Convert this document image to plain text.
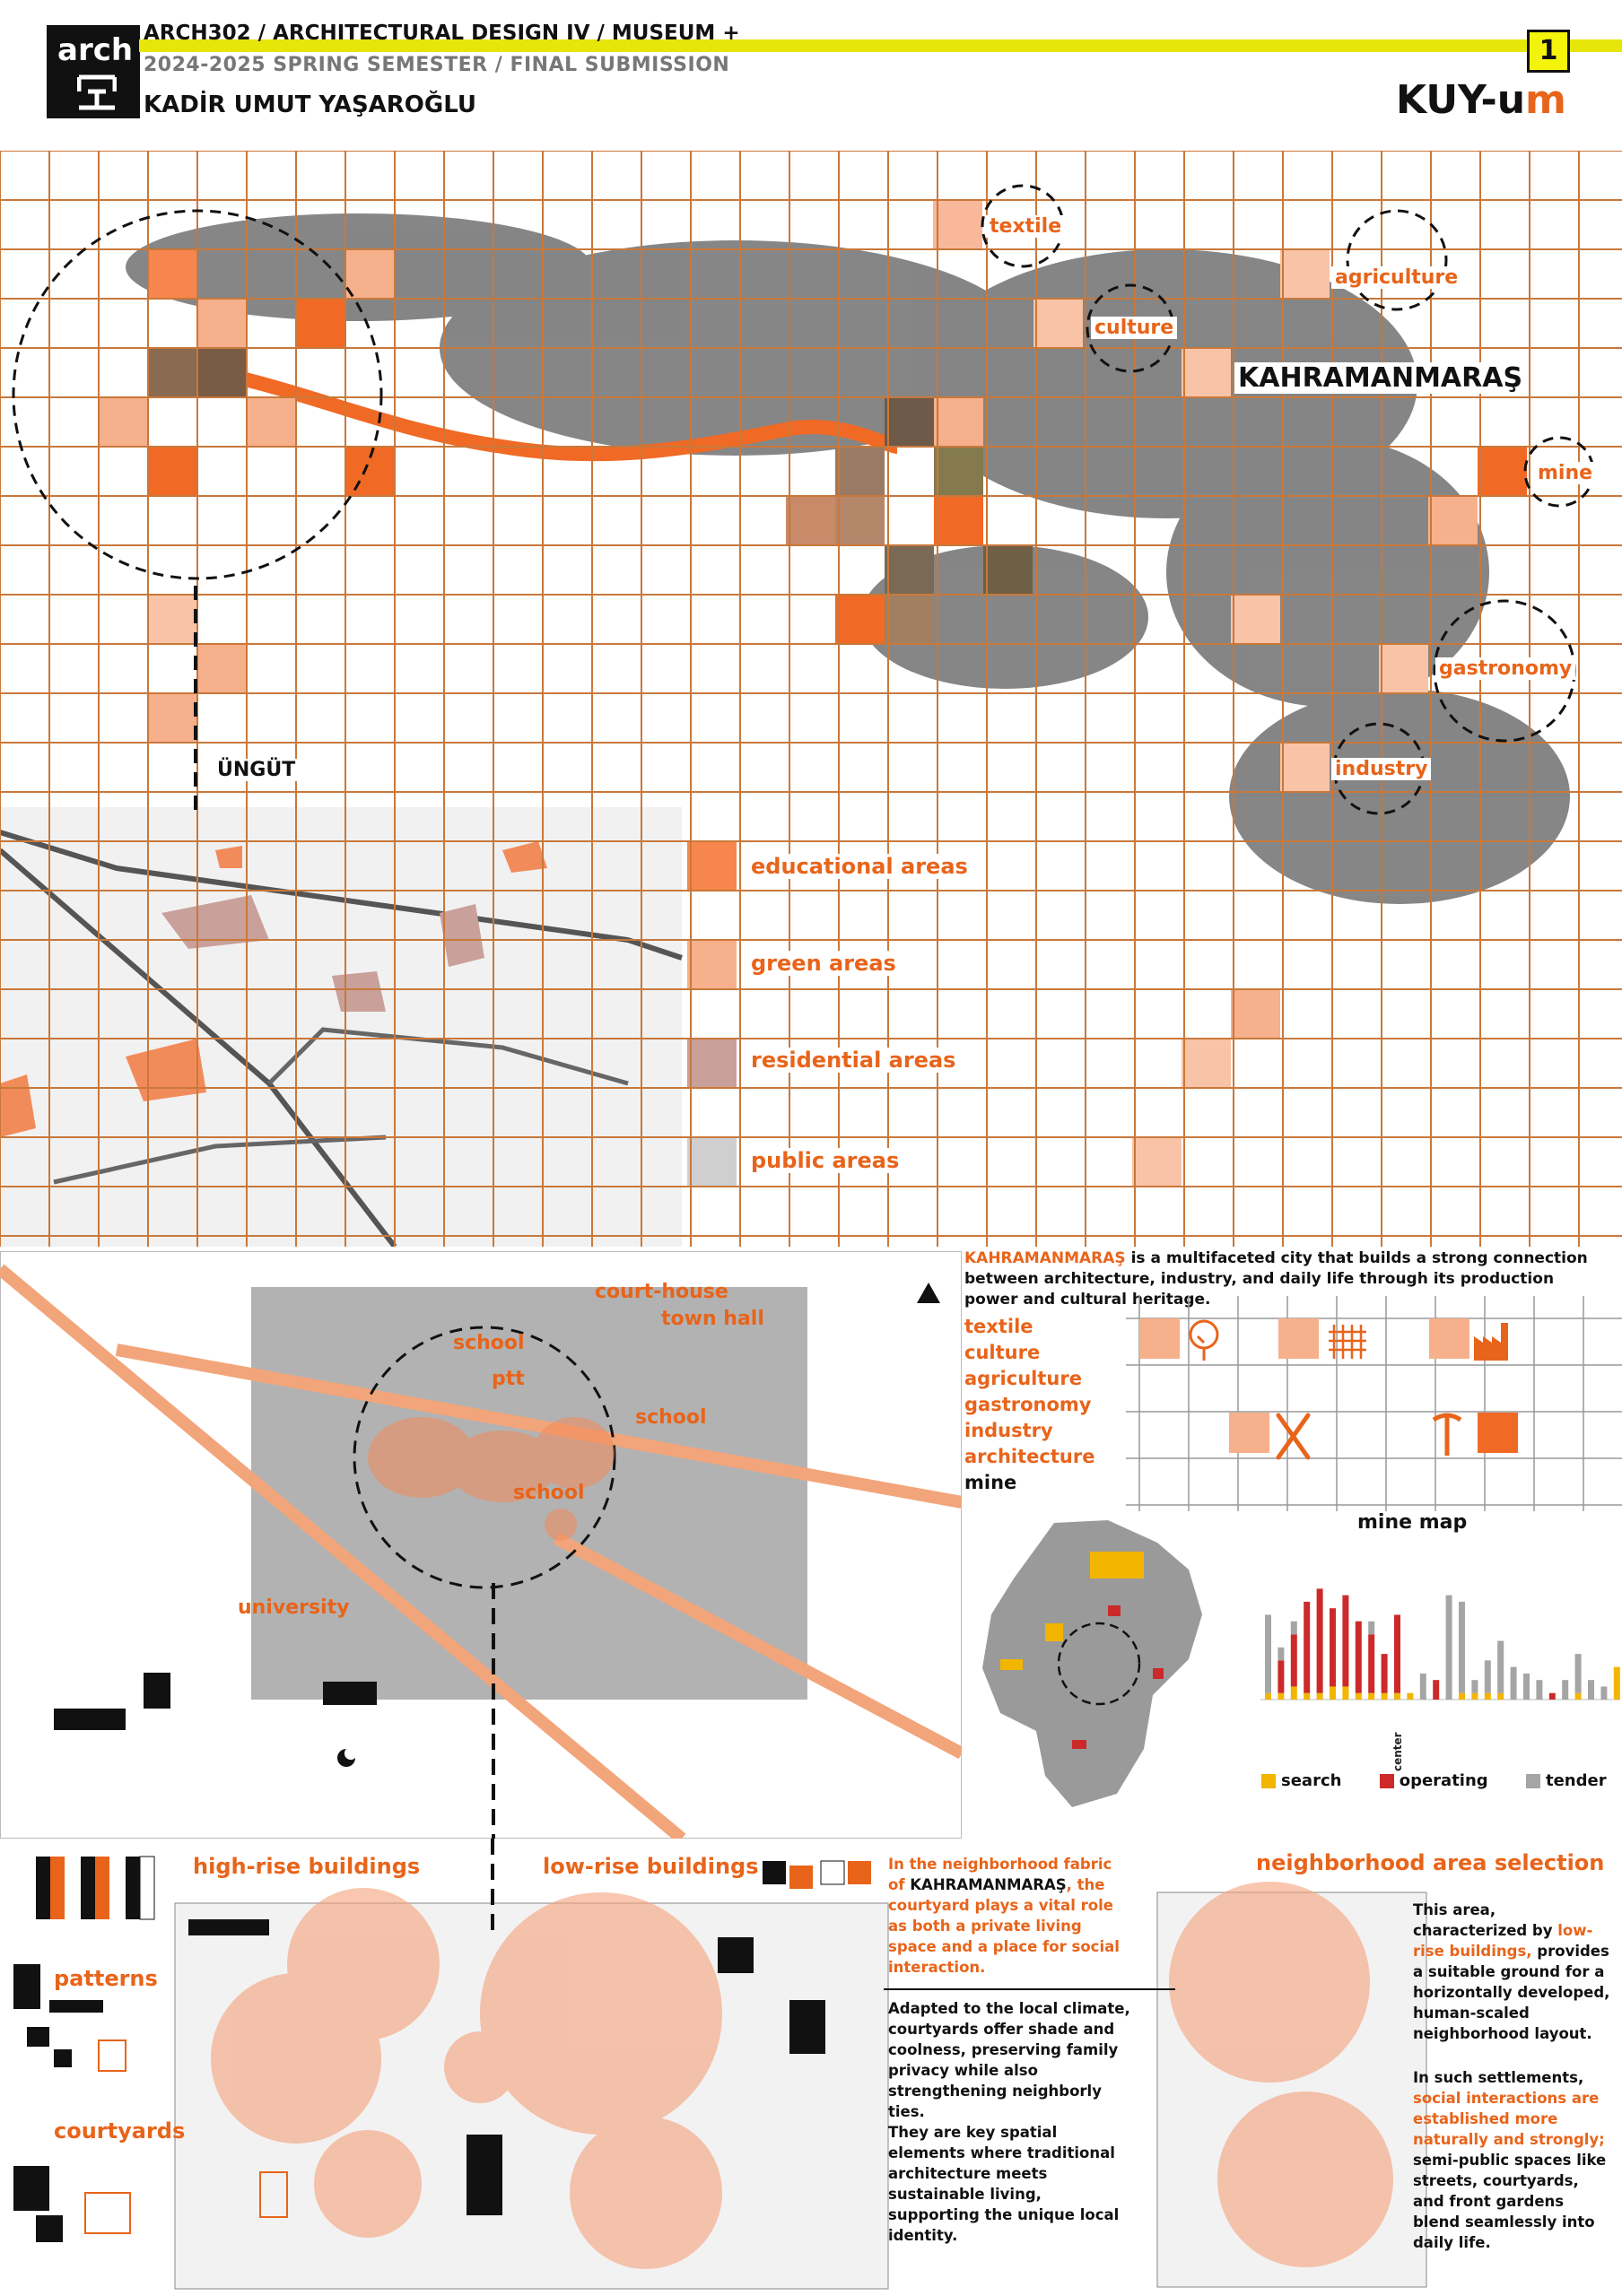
arch ARCH302 / ARCHITECTURAL DESIGN IV / MUSEUM +
2024-2025 SPRING SEMESTER / FINAL SUBMISSION
KADİR UMUT YAŞAROĞLU
1
KUY-um
textile
agriculture
culture
mine
gastronomy
industry
KAHRAMANMARAŞ
ÜNGÜT
educational areas
green areas
residential areas
public areas
court-house
town hall
school
ptt
school
school
university
KAHRAMANMARAŞ is a multifaceted city that builds a strong connection between architecture, industry, and daily life through its production power and cultural heritage.
textile
culture
agriculture
gastronomy
industry
architecture
mine
mine map
center
search	operating	tender
high-rise buildings	low-rise buildings
patterns
courtyards
In the neighborhood fabric of KAHRAMANMARAŞ, the courtyard plays a vital role as both a private living space and a place for social interaction.
Adapted to the local climate, courtyards offer shade and coolness, preserving family privacy while also strengthening neighborly ties.
They are key spatial elements where traditional architecture meets sustainable living, supporting the unique local identity.
neighborhood area selection
This area, characterized by low-rise buildings, provides a suitable ground for a horizontally developed, human-scaled neighborhood layout.
In such settlements, social interactions are established more naturally and strongly; semi-public spaces like streets, courtyards, and front gardens blend seamlessly into daily life.
